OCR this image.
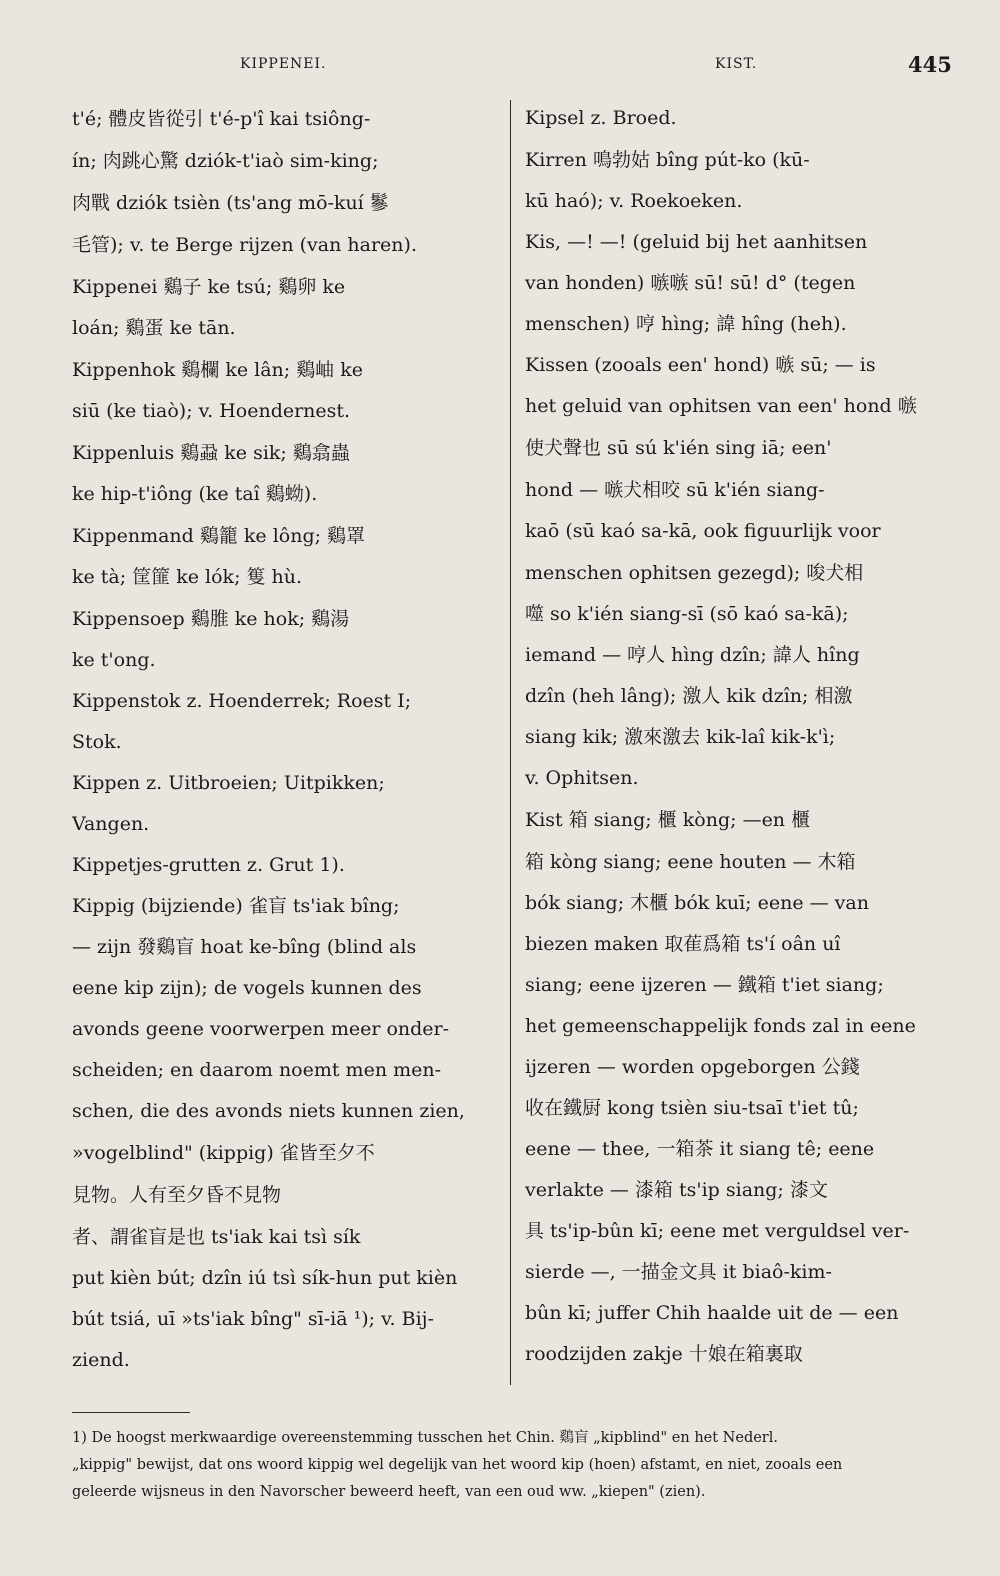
KIPPENEI.	KIST.	445
t'é; 體皮皆從引 t'é-p'î kai tsiông-
ín; 肉跳心驚 dziók-t'iaò sim-king;
肉戰 dziók tsièn (ts'ang mō-kuí 鬖
毛管); v. te Berge rijzen (van haren).
Kippenei 鷄子 ke tsú; 鷄卵 ke
loán; 鷄蛋 ke tān.
Kippenhok 鷄欄 ke lân; 鷄岫 ke
siū (ke tiaò); v. Hoendernest.
Kippenluis 鷄蝨 ke sik; 鷄翕蟲
ke hip-t'iông (ke taî 鷄蚴).
Kippenmand 鷄籠 ke lông; 鷄罩
ke tà; 筐篚 ke lók; 篗 hù.
Kippensoep 鷄脽 ke hok; 鷄湯
ke t'ong.
Kippenstok z. Hoenderrek; Roest I;
Stok.
Kippen z. Uitbroeien; Uitpikken;
Vangen.
Kippetjes-grutten z. Grut 1).
Kippig (bijziende) 雀盲 ts'iak bîng;
— zijn 發鷄盲 hoat ke-bîng (blind als
eene kip zijn); de vogels kunnen des
avonds geene voorwerpen meer onder-
scheiden; en daarom noemt men men-
schen, die des avonds niets kunnen zien,
»vogelblind" (kippig) 雀皆至夕不
見物。人有至夕昏不見物
者、謂雀盲是也 ts'iak kai tsì sík
put kièn bút; dzîn iú tsì sík-hun put kièn
bút tsiá, uī »ts'iak bîng" sī-iā ¹); v. Bij-
ziend.
Kipsel z. Broed.
Kirren 鳴勃姑 bîng pút-ko (kū-
kū haó); v. Roekoeken.
Kis, —! —! (geluid bij het aanhitsen
van honden) 嗾嗾 sū! sū! d° (tegen
menschen) 哼 hìng; 諱 hîng (heh).
Kissen (zooals een' hond) 嗾 sū; — is
het geluid van ophitsen van een' hond 嗾
使犬聲也 sū sú k'ién sing iā; een'
hond — 嗾犬相咬 sū k'ién siang-
kaō (sū kaó sa-kā, ook figuurlijk voor
menschen ophitsen gezegd); 唆犬相
噬 so k'ién siang-sī (sō kaó sa-kā);
iemand — 哼人 hìng dzîn; 諱人 hîng
dzîn (heh lâng); 激人 kik dzîn; 相激
siang kik; 激來激去 kik-laî kik-k'ì;
v. Ophitsen.
Kist 箱 siang; 櫃 kòng; —en 櫃
箱 kòng siang; eene houten — 木箱
bók siang; 木櫃 bók kuī; eene — van
biezen maken 取萑爲箱 ts'í oân uî
siang; eene ijzeren — 鐵箱 t'iet siang;
het gemeenschappelijk fonds zal in eene
ijzeren — worden opgeborgen 公錢
收在鐵厨 kong tsièn siu-tsaī t'iet tû;
eene — thee, 一箱茶 it siang tê; eene
verlakte — 漆箱 ts'ip siang; 漆文
具 ts'ip-bûn kī; eene met verguldsel ver-
sierde —, 一描金文具 it biaô-kim-
bûn kī; juffer Chih haalde uit de — een
roodzijden zakje 十娘在箱裏取
1) De hoogst merkwaardige overeenstemming tusschen het Chin. 鷄盲 „kipblind" en het Nederl.
„kippig" bewijst, dat ons woord kippig wel degelijk van het woord kip (hoen) afstamt, en niet, zooals een
geleerde wijsneus in den Navorscher beweerd heeft, van een oud ww. „kiepen" (zien).
